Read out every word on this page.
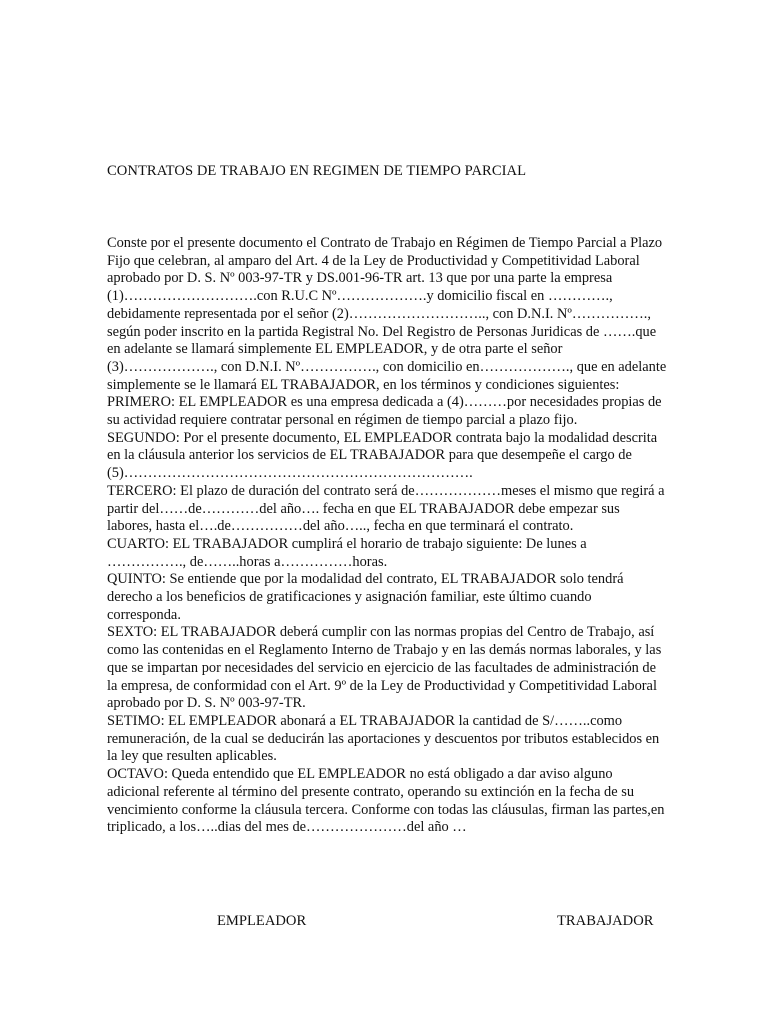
CONTRATOS DE TRABAJO EN REGIMEN DE TIEMPO PARCIAL

Conste por el presente documento el Contrato de Trabajo en Régimen de Tiempo Parcial a Plazo Fijo que celebran, al amparo del Art. 4 de la Ley de Productividad y Competitividad Laboral aprobado por D. S. Nº 003-97-TR y DS.001-96-TR art. 13 que por una parte la empresa (1)……………………….con R.U.C Nº……………….y domicilio fiscal en …………., debidamente representada por el señor (2)……………………….., con D.N.I. Nº……………., según poder inscrito en la partida Registral No. Del Registro de Personas Juridicas de …….que en adelante se llamará simplemente EL EMPLEADOR, y de otra parte el señor (3)………………., con D.N.I. Nº……………., con domicilio en………………., que en adelante simplemente se le llamará EL TRABAJADOR, en los términos y condiciones siguientes:

PRIMERO: EL EMPLEADOR es una empresa dedicada a (4)………por necesidades propias de su actividad requiere contratar personal en régimen de tiempo parcial a plazo fijo.

SEGUNDO: Por el presente documento, EL EMPLEADOR contrata bajo la modalidad descrita en la cláusula anterior los servicios de EL TRABAJADOR para que desempeñe el cargo de (5)……………………………………………………………….

TERCERO: El plazo de duración del contrato será de………………meses el mismo que regirá a partir del……de…………del año…. fecha en que EL TRABAJADOR debe empezar sus labores, hasta el….de……………del año….., fecha en que terminará el contrato.

CUARTO: EL TRABAJADOR cumplirá el horario de trabajo siguiente: De lunes a ……………., de……..horas a……………horas.

QUINTO: Se entiende que por la modalidad del contrato, EL TRABAJADOR solo tendrá derecho a los beneficios de gratificaciones y asignación familiar, este último cuando corresponda.

SEXTO: EL TRABAJADOR deberá cumplir con las normas propias del Centro de Trabajo, así como las contenidas en el Reglamento Interno de Trabajo y en las demás normas laborales, y las que se impartan por necesidades del servicio en ejercicio de las facultades de administración de la empresa, de conformidad con el Art. 9º de la Ley de Productividad y Competitividad Laboral aprobado por D. S. Nº 003-97-TR.

SETIMO: EL EMPLEADOR abonará a EL TRABAJADOR la cantidad de S/……..como remuneración, de la cual se deducirán las aportaciones y descuentos por tributos establecidos en la ley que resulten aplicables.

OCTAVO: Queda entendido que EL EMPLEADOR no está obligado a dar aviso alguno adicional referente al término del presente contrato, operando su extinción en la fecha de su vencimiento conforme la cláusula tercera. Conforme con todas las cláusulas, firman las partes,en triplicado, a los…..dias del mes de…………………del año …

EMPLEADOR	TRABAJADOR
